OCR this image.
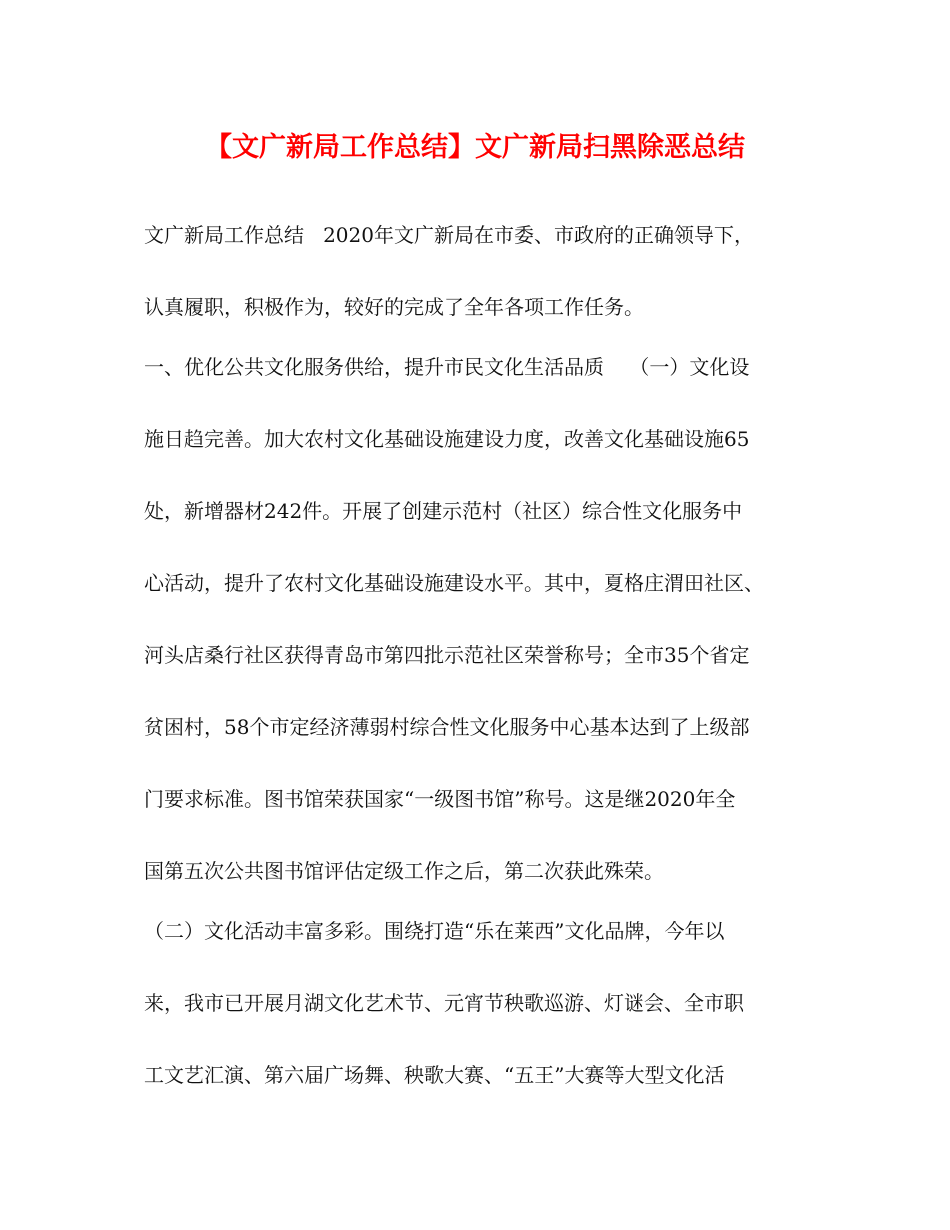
【文广新局工作总结】文广新局扫黑除恶总结
文广新局工作总结   2020年文广新局在市委、市政府的正确领导下，
认真履职，积极作为，较好的完成了全年各项工作任务。
一、优化公共文化服务供给，提升市民文化生活品质    （一）文化设
施日趋完善。加大农村文化基础设施建设力度，改善文化基础设施65
处，新增器材242件。开展了创建示范村（社区）综合性文化服务中
心活动，提升了农村文化基础设施建设水平。其中，夏格庄渭田社区、
河头店桑行社区获得青岛市第四批示范社区荣誉称号；全市35个省定
贫困村，58个市定经济薄弱村综合性文化服务中心基本达到了上级部
门要求标准。图书馆荣获国家“一级图书馆”称号。这是继2020年全
国第五次公共图书馆评估定级工作之后，第二次获此殊荣。
（二）文化活动丰富多彩。围绕打造“乐在莱西”文化品牌，今年以
来，我市已开展月湖文化艺术节、元宵节秧歌巡游、灯谜会、全市职
工文艺汇演、第六届广场舞、秧歌大赛、“五王”大赛等大型文化活
